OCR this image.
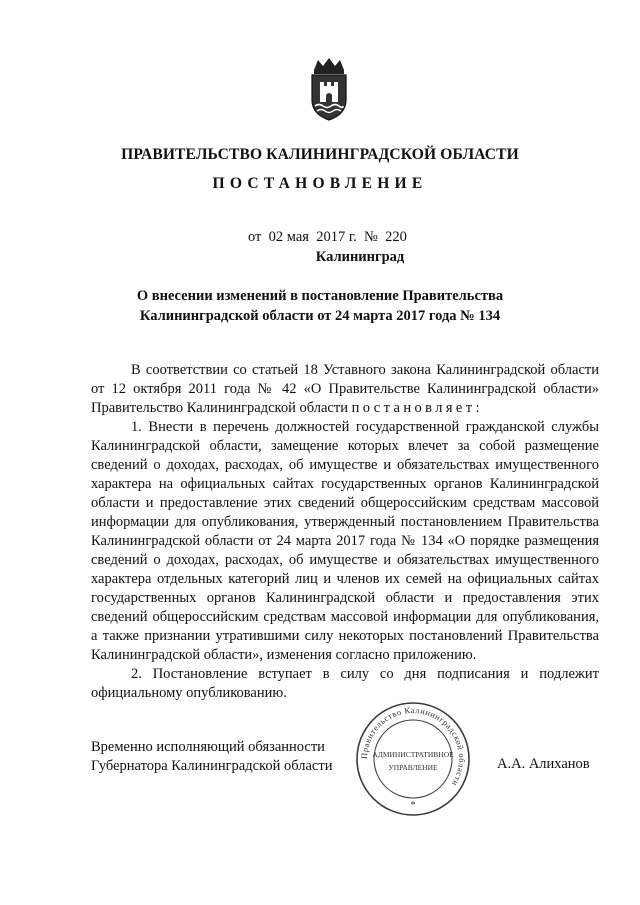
ПРАВИТЕЛЬСТВО КАЛИНИНГРАДСКОЙ ОБЛАСТИ
ПОСТАНОВЛЕНИЕ
от 02 мая 2017 г. № 220
Калининград
О внесении изменений в постановление Правительства
Калининградской области от 24 марта 2017 года № 134

В соответствии со статьей 18 Уставного закона Калининградской области от 12 октября 2011 года № 42 «О Правительстве Калининградской области» Правительство Калининградской области постановляет:

1. Внести в перечень должностей государственной гражданской службы Калининградской области, замещение которых влечет за собой размещение сведений о доходах, расходах, об имуществе и обязательствах имущественного характера на официальных сайтах государственных органов Калининградской области и предоставление этих сведений общероссийским средствам массовой информации для опубликования, утвержденный постановлением Правительства Калининградской области от 24 марта 2017 года № 134 «О порядке размещения сведений о доходах, расходах, об имуществе и обязательствах имущественного характера отдельных категорий лиц и членов их семей на официальных сайтах государственных органов Калининградской области и предоставления этих сведений общероссийским средствам массовой информации для опубликования, а также признании утратившими силу некоторых постановлений Правительства Калининградской области», изменения согласно приложению.

2. Постановление вступает в силу со дня подписания и подлежит официальному опубликованию.

Временно исполняющий обязанности
Губернатора Калининградской области
Правительство Калининградской области
АДМИНИСТРАТИВНОЕ
УПРАВЛЕНИЕ
*
А.А. Алиханов
